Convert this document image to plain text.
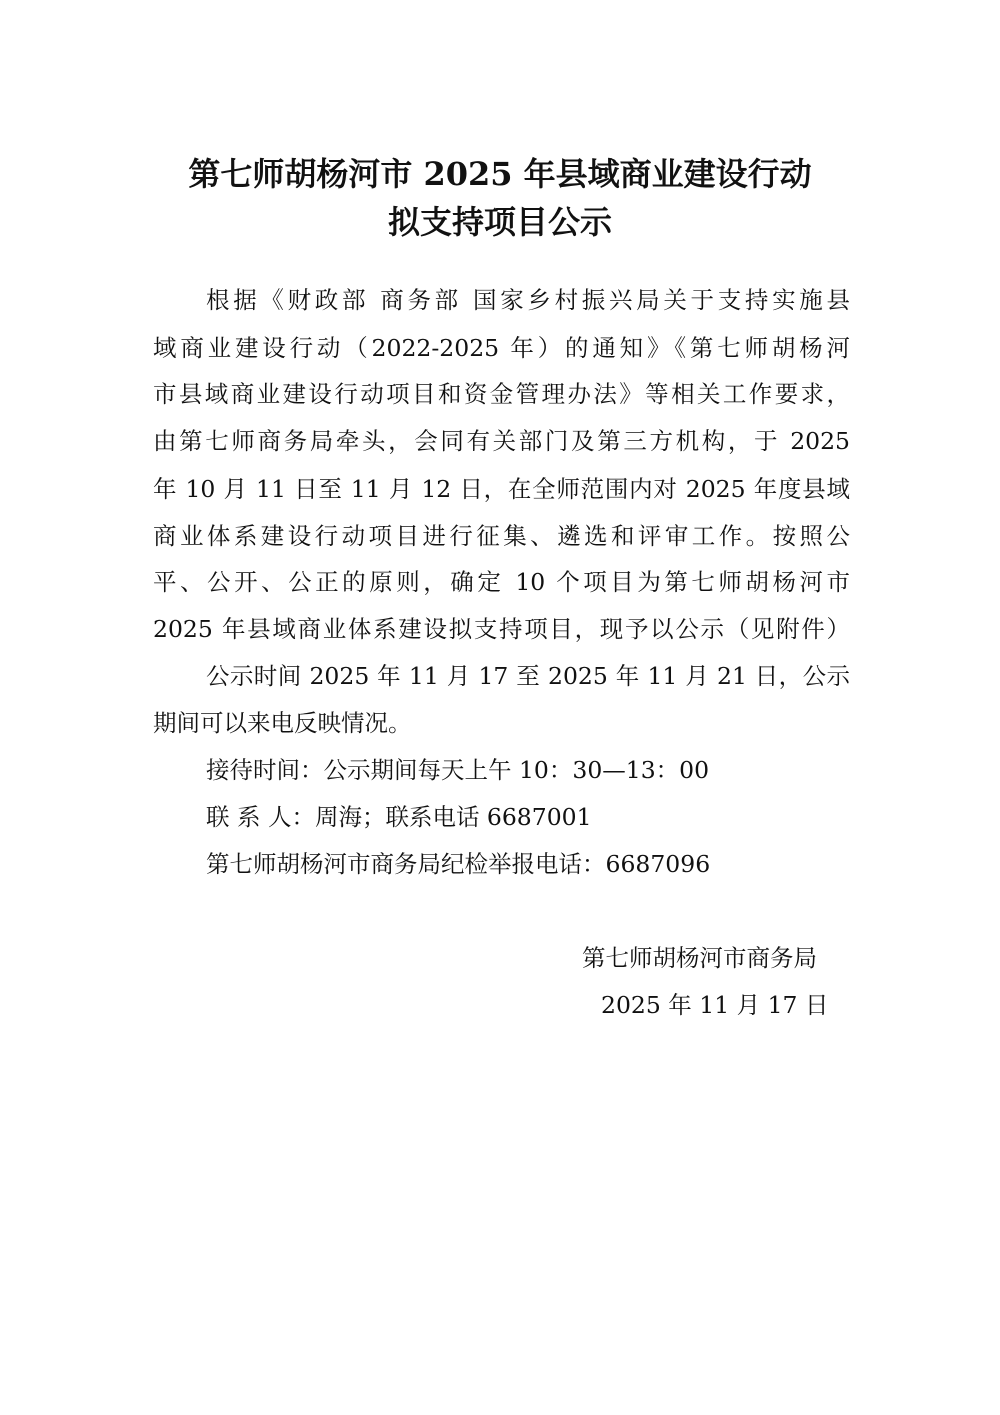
第七师胡杨河市 2025 年县域商业建设行动
拟支持项目公示
根据《财政部 商务部 国家乡村振兴局关于支持实施县
域商业建设行动（2022-2025 年）的通知》《第七师胡杨河
市县域商业建设行动项目和资金管理办法》等相关工作要求，
由第七师商务局牵头，会同有关部门及第三方机构，于 2025
年 10 月 11 日至 11 月 12 日，在全师范围内对 2025 年度县域
商业体系建设行动项目进行征集、遴选和评审工作。按照公
平、公开、公正的原则，确定 10 个项目为第七师胡杨河市
2025 年县域商业体系建设拟支持项目，现予以公示（见附件）
公示时间 2025 年 11 月 17 至 2025 年 11 月 21 日，公示
期间可以来电反映情况。
接待时间：公示期间每天上午 10：30—13：00
联 系 人：周海；联系电话 6687001
第七师胡杨河市商务局纪检举报电话：6687096
第七师胡杨河市商务局
2025 年 11 月 17 日
